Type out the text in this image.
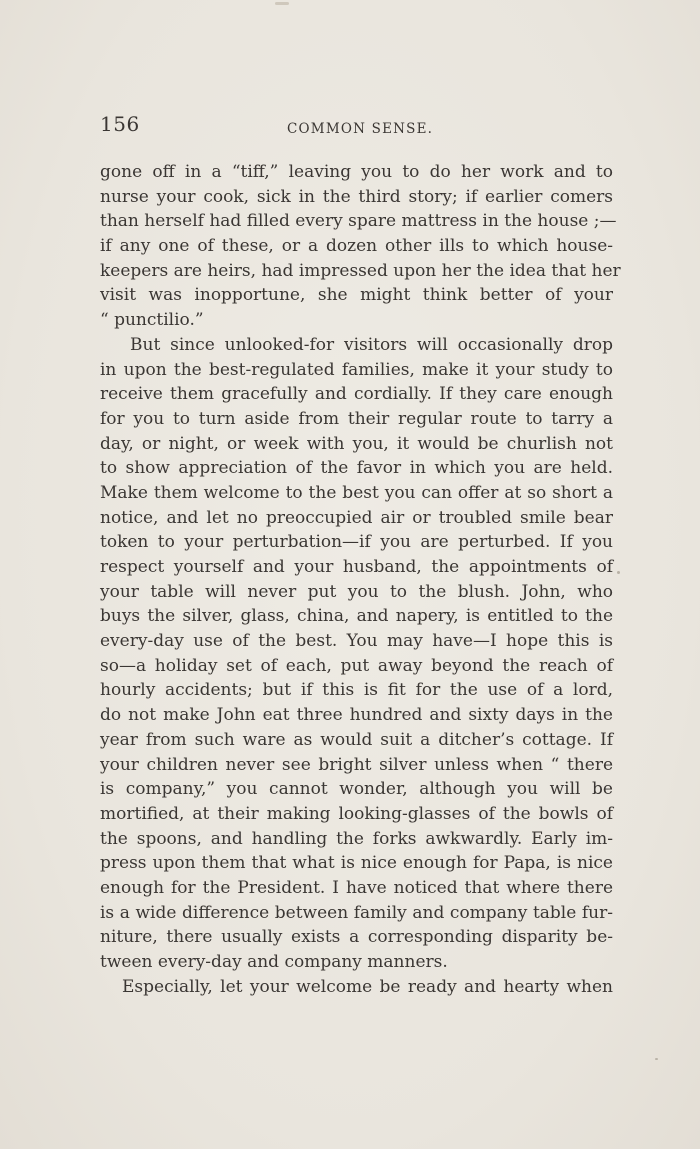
156	COMMON SENSE.
gone off in a “tiff,” leaving you to do her work and to
nurse your cook, sick in the third story; if earlier comers
than herself had filled every spare mattress in the house ;—
if any one of these, or a dozen other ills to which house-
keepers are heirs, had impressed upon her the idea that her
visit was inopportune, she might think better of your
“ punctilio.”
But since unlooked-for visitors will occasionally drop
in upon the best-regulated families, make it your study to
receive them gracefully and cordially. If they care enough
for you to turn aside from their regular route to tarry a
day, or night, or week with you, it would be churlish not
to show appreciation of the favor in which you are held.
Make them welcome to the best you can offer at so short a
notice, and let no preoccupied air or troubled smile bear
token to your perturbation—if you are perturbed. If you
respect yourself and your husband, the appointments of
your table will never put you to the blush. John, who
buys the silver, glass, china, and napery, is entitled to the
every-day use of the best. You may have—I hope this is
so—a holiday set of each, put away beyond the reach of
hourly accidents; but if this is fit for the use of a lord,
do not make John eat three hundred and sixty days in the
year from such ware as would suit a ditcher’s cottage. If
your children never see bright silver unless when “ there
is company,” you cannot wonder, although you will be
mortified, at their making looking-glasses of the bowls of
the spoons, and handling the forks awkwardly. Early im-
press upon them that what is nice enough for Papa, is nice
enough for the President. I have noticed that where there
is a wide difference between family and company table fur-
niture, there usually exists a corresponding disparity be-
tween every-day and company manners.
Especially, let your welcome be ready and hearty when
